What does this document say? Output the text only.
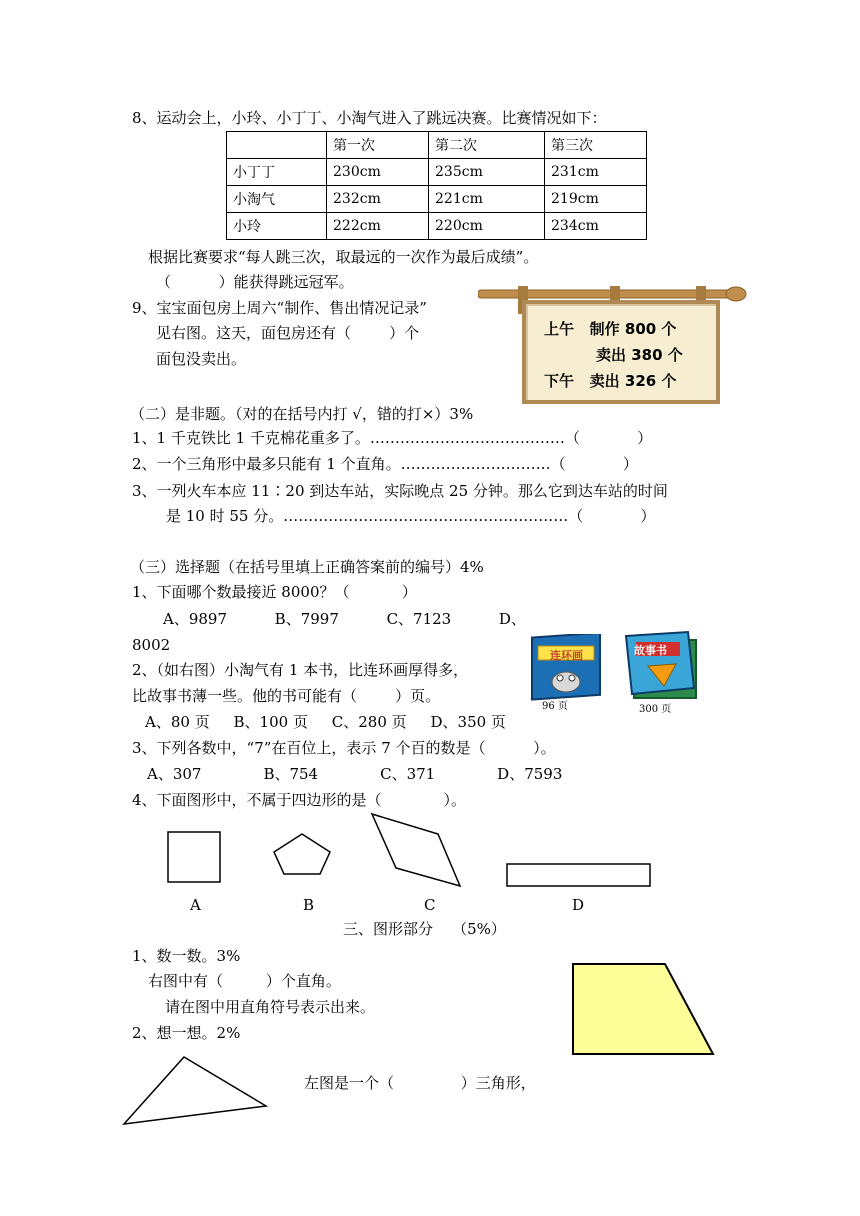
8、运动会上，小玲、小丁丁、小淘气进入了跳远决赛。比赛情况如下：
	第一次	第二次	第三次
小丁丁	230cm	235cm	231cm
小淘气	232cm	221cm	219cm
小玲	222cm	220cm	234cm
根据比赛要求“每人跳三次，取最远的一次作为最后成绩”。
（          ）能获得跳远冠军。
9、宝宝面包房上周六“制作、售出情况记录”
见右图。这天，面包房还有（        ）个
面包没卖出。
上午   制作 800 个
卖出 380 个
下午   卖出 326 个
（二）是非题。（对的在括号内打 √，错的打×）3%
1、1 千克铁比 1 千克棉花重多了。…………………………………（            ）
2、一个三角形中最多只能有 1 个直角。…………………………（            ）
3、一列火车本应 11∶20 到达车站，实际晚点 25 分钟。那么它到达车站的时间
是 10 时 55 分。…………………………………………………（            ）
（三）选择题（在括号里填上正确答案前的编号）4%
1、下面哪个数最接近 8000？（           ）
A、9897          B、7997          C、7123          D、
8002
2、（如右图）小淘气有 1 本书，比连环画厚得多，
比故事书薄一些。他的书可能有（        ）页。
A、80 页     B、100 页     C、280 页     D、350 页
连环画
96 页
故事书
300 页
3、下列各数中，“7”在百位上，表示 7 个百的数是（          ）。
A、307             B、754             C、371             D、7593
4、下面图形中，不属于四边形的是（             ）。
A	B	C	D
三、图形部分    （5%）
1、数一数。3%
右图中有（         ）个直角。
请在图中用直角符号表示出来。
2、想一想。2%
左图是一个（              ）三角形，
